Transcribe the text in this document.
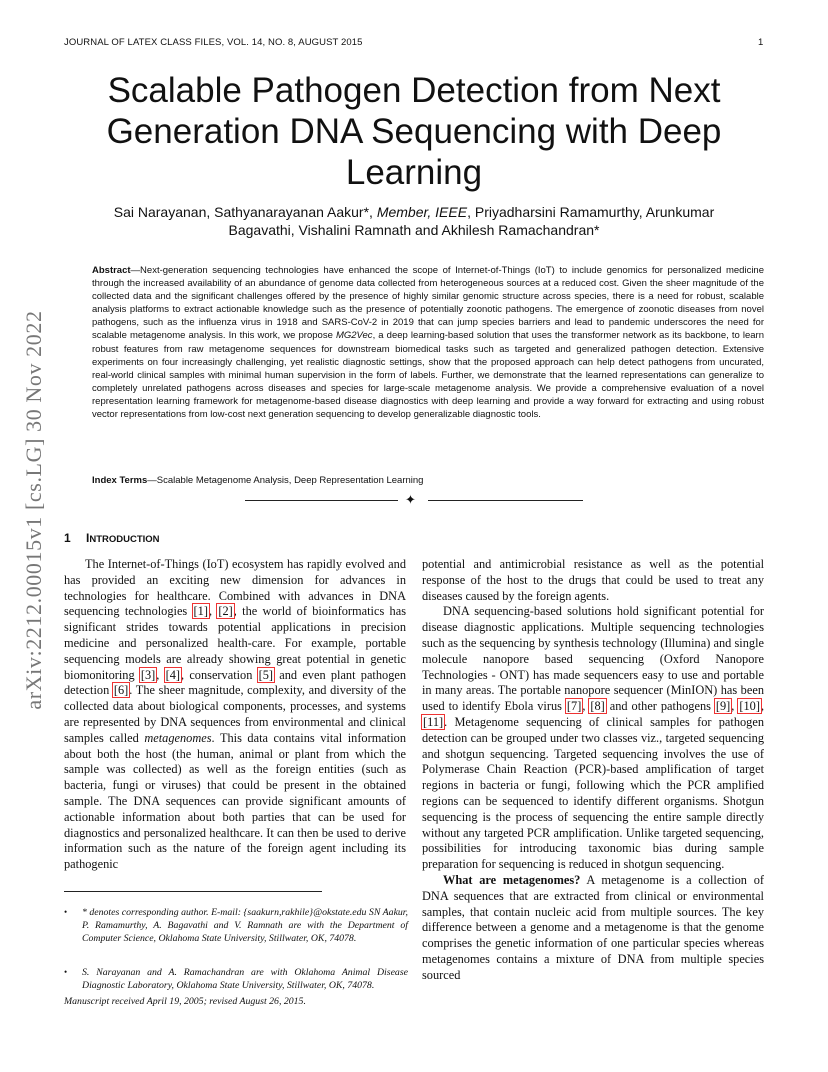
JOURNAL OF LATEX CLASS FILES, VOL. 14, NO. 8, AUGUST 2015	1
arXiv:2212.00015v1 [cs.LG] 30 Nov 2022
Scalable Pathogen Detection from Next Generation DNA Sequencing with Deep Learning
Sai Narayanan, Sathyanarayanan Aakur*, Member, IEEE, Priyadharsini Ramamurthy, Arunkumar Bagavathi, Vishalini Ramnath and Akhilesh Ramachandran*
Abstract—Next-generation sequencing technologies have enhanced the scope of Internet-of-Things (IoT) to include genomics for personalized medicine through the increased availability of an abundance of genome data collected from heterogeneous sources at a reduced cost. Given the sheer magnitude of the collected data and the significant challenges offered by the presence of highly similar genomic structure across species, there is a need for robust, scalable analysis platforms to extract actionable knowledge such as the presence of potentially zoonotic pathogens. The emergence of zoonotic diseases from novel pathogens, such as the influenza virus in 1918 and SARS-CoV-2 in 2019 that can jump species barriers and lead to pandemic underscores the need for scalable metagenome analysis. In this work, we propose MG2Vec, a deep learning-based solution that uses the transformer network as its backbone, to learn robust features from raw metagenome sequences for downstream biomedical tasks such as targeted and generalized pathogen detection. Extensive experiments on four increasingly challenging, yet realistic diagnostic settings, show that the proposed approach can help detect pathogens from uncurated, real-world clinical samples with minimal human supervision in the form of labels. Further, we demonstrate that the learned representations can generalize to completely unrelated pathogens across diseases and species for large-scale metagenome analysis. We provide a comprehensive evaluation of a novel representation learning framework for metagenome-based disease diagnostics with deep learning and provide a way forward for extracting and using robust vector representations from low-cost next generation sequencing to develop generalizable diagnostic tools.
Index Terms—Scalable Metagenome Analysis, Deep Representation Learning
✦
1 INTRODUCTION

The Internet-of-Things (IoT) ecosystem has rapidly evolved and has provided an exciting new dimension for advances in technologies for healthcare. Combined with advances in DNA sequencing technologies [1], [2], the world of bioinformatics has significant strides towards potential applications in precision medicine and personalized health-care. For example, portable sequencing models are already showing great potential in genetic biomonitoring [3], [4], conservation [5] and even plant pathogen detection [6]. The sheer magnitude, complexity, and diversity of the collected data about biological components, processes, and systems are represented by DNA sequences from environmental and clinical samples called metagenomes. This data contains vital information about both the host (the human, animal or plant from which the sample was collected) as well as the foreign entities (such as bacteria, fungi or viruses) that could be present in the obtained sample. The DNA sequences can provide significant amounts of actionable information about both parties that can be used for diagnostics and personalized healthcare. It can then be used to derive information such as the nature of the foreign agent including its pathogenic

potential and antimicrobial resistance as well as the potential response of the host to the drugs that could be used to treat any diseases caused by the foreign agents.

DNA sequencing-based solutions hold significant potential for disease diagnostic applications. Multiple sequencing technologies such as the sequencing by synthesis technology (Illumina) and single molecule nanopore based sequencing (Oxford Nanopore Technologies - ONT) has made sequencers easy to use and portable in many areas. The portable nanopore sequencer (MinION) has been used to identify Ebola virus [7], [8] and other pathogens [9], [10], [11]. Metagenome sequencing of clinical samples for pathogen detection can be grouped under two classes viz., targeted sequencing and shotgun sequencing. Targeted sequencing involves the use of Polymerase Chain Reaction (PCR)-based amplification of target regions in bacteria or fungi, following which the PCR amplified regions can be sequenced to identify different organisms. Shotgun sequencing is the process of sequencing the entire sample directly without any targeted PCR amplification. Unlike targeted sequencing, possibilities for introducing taxonomic bias during sample preparation for sequencing is reduced in shotgun sequencing.

What are metagenomes? A metagenome is a collection of DNA sequences that are extracted from clinical or environmental samples, that contain nucleic acid from multiple sources. The key difference between a genome and a metagenome is that the genome comprises the genetic information of one particular species whereas metagenomes contains a mixture of DNA from multiple species sourced

• * denotes corresponding author. E-mail: {saakurn,rakhile}@okstate.edu SN Aakur, P. Ramamurthy, A. Bagavathi and V. Ramnath are with the Department of Computer Science, Oklahoma State University, Stillwater, OK, 74078.
• S. Narayanan and A. Ramachandran are with Oklahoma Animal Disease Diagnostic Laboratory, Oklahoma State University, Stillwater, OK, 74078.
Manuscript received April 19, 2005; revised August 26, 2015.
